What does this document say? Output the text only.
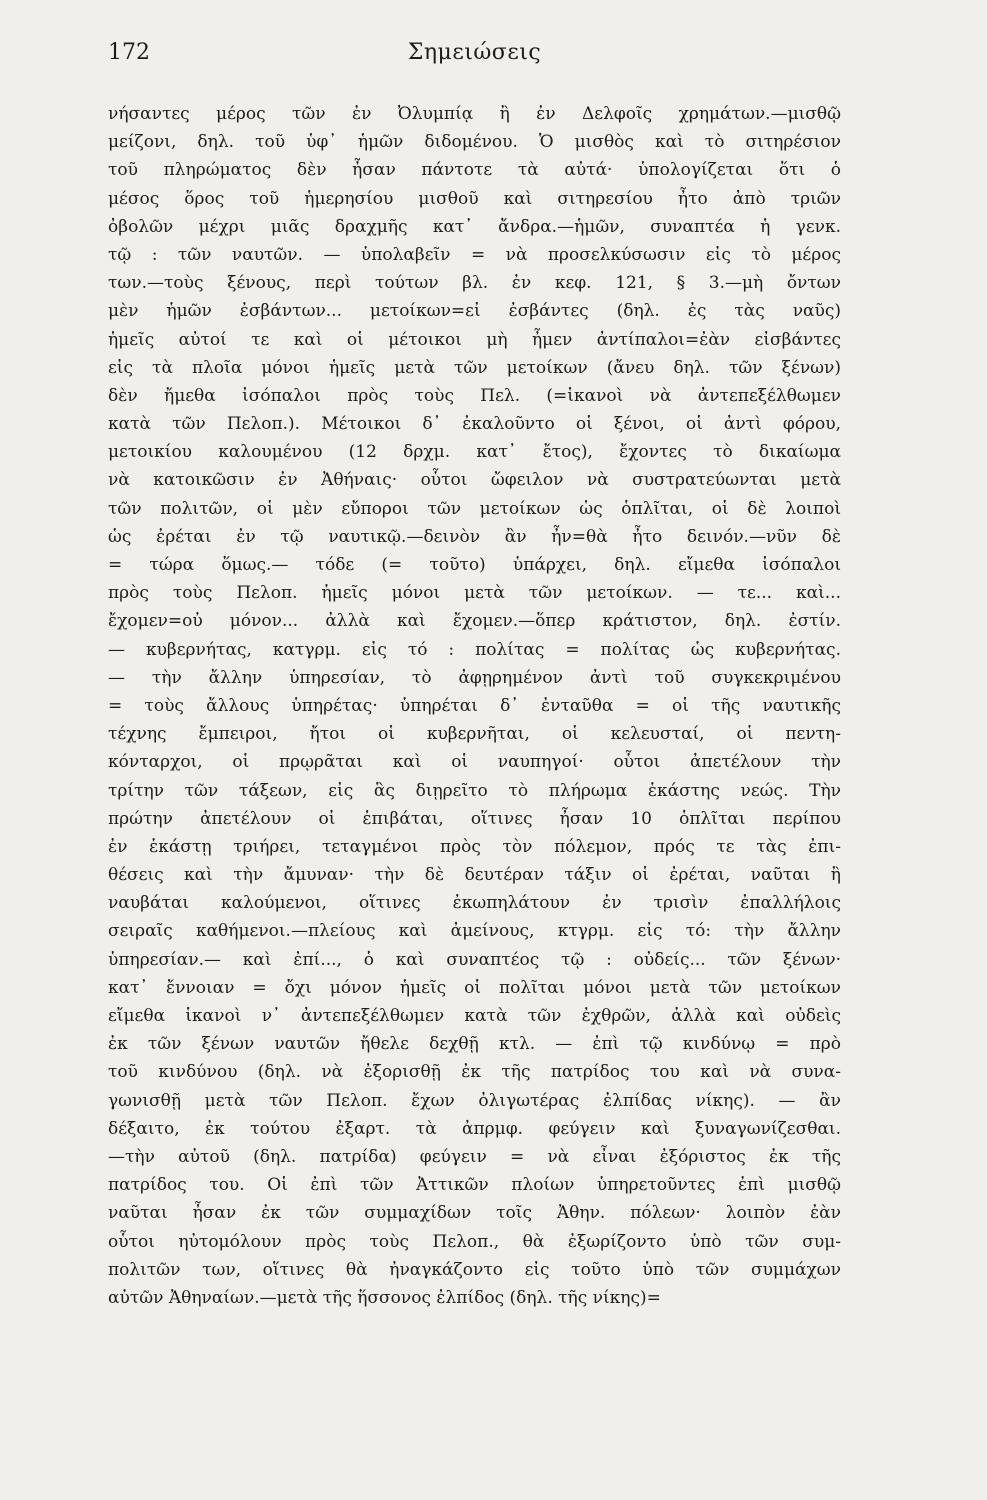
172	Σημειώσεις
νήσαντες μέρος τῶν ἐν Ὀλυμπίᾳ ἢ ἐν Δελφοῖς χρημάτων.—μισθῷ
μείζονι, δηλ. τοῦ ὑφ᾽ ἡμῶν διδομένου. Ὁ μισθὸς καὶ τὸ σιτηρέσιον
τοῦ πληρώματος δὲν ἦσαν πάντοτε τὰ αὐτά· ὑπολογίζεται ὅτι ὁ
μέσος ὅρος τοῦ ἡμερησίου μισθοῦ καὶ σιτηρεσίου ἦτο ἀπὸ τριῶν
ὀβολῶν μέχρι μιᾶς δραχμῆς κατ᾽ ἄνδρα.—ἡμῶν, συναπτέα ἡ γενκ.
τῷ : τῶν ναυτῶν. — ὑπολαβεῖν = νὰ προσελκύσωσιν εἰς τὸ μέρος
των.—τοὺς ξένους, περὶ τούτων βλ. ἐν κεφ. 121, § 3.—μὴ ὄντων
μὲν ἡμῶν ἐσβάντων... μετοίκων=εἰ ἐσβάντες (δηλ. ἐς τὰς ναῦς)
ἡμεῖς αὐτοί τε καὶ οἱ μέτοικοι μὴ ἦμεν ἀντίπαλοι=ἐὰν εἰσβάντες
εἰς τὰ πλοῖα μόνοι ἡμεῖς μετὰ τῶν μετοίκων (ἄνευ δηλ. τῶν ξένων)
δὲν ἤμεθα ἰσόπαλοι πρὸς τοὺς Πελ. (=ἱκανοὶ νὰ ἀντεπεξέλθωμεν
κατὰ τῶν Πελοπ.). Μέτοικοι δ᾽ ἐκαλοῦντο οἱ ξένοι, οἱ ἀντὶ φόρου,
μετοικίου καλουμένου (12 δρχμ. κατ᾽ ἔτος), ἔχοντες τὸ δικαίωμα
νὰ κατοικῶσιν ἐν Ἀθήναις· οὗτοι ὤφειλον νὰ συστρατεύωνται μετὰ
τῶν πολιτῶν, οἱ μὲν εὔποροι τῶν μετοίκων ὡς ὁπλῖται, οἱ δὲ λοιποὶ
ὡς ἐρέται ἐν τῷ ναυτικῷ.—δεινὸν ἂν ἦν=θὰ ἦτο δεινόν.—νῦν δὲ
= τώρα ὅμως.— τόδε (= τοῦτο) ὑπάρχει, δηλ. εἴμεθα ἰσόπαλοι
πρὸς τοὺς Πελοπ. ἡμεῖς μόνοι μετὰ τῶν μετοίκων. — τε... καὶ...
ἔχομεν=οὐ μόνον... ἀλλὰ καὶ ἔχομεν.—ὅπερ κράτιστον, δηλ. ἐστίν.
— κυβερνήτας, κατγρμ. εἰς τό : πολίτας = πολίτας ὡς κυβερνήτας.
— τὴν ἄλλην ὑπηρεσίαν, τὸ ἀφῃρημένον ἀντὶ τοῦ συγκεκριμένου
= τοὺς ἄλλους ὑπηρέτας· ὑπηρέται δ᾽ ἐνταῦθα = οἱ τῆς ναυτικῆς
τέχνης ἔμπειροι, ἤτοι οἱ κυβερνῆται, οἱ κελευσταί, οἱ πεντη-
κόνταρχοι, οἱ πρῳρᾶται καὶ οἱ ναυπηγοί· οὗτοι ἀπετέλουν τὴν
τρίτην τῶν τάξεων, εἰς ἃς διῃρεῖτο τὸ πλήρωμα ἑκάστης νεώς. Τὴν
πρώτην ἀπετέλουν οἱ ἐπιβάται, οἵτινες ἦσαν 10 ὁπλῖται περίπου
ἐν ἑκάστῃ τριήρει, τεταγμένοι πρὸς τὸν πόλεμον, πρός τε τὰς ἐπι-
θέσεις καὶ τὴν ἄμυναν· τὴν δὲ δευτέραν τάξιν οἱ ἐρέται, ναῦται ἢ
ναυβάται καλούμενοι, οἵτινες ἐκωπηλάτουν ἐν τρισὶν ἐπαλλήλοις
σειραῖς καθήμενοι.—πλείους καὶ ἀμείνους, κτγρμ. εἰς τό: τὴν ἄλλην
ὑπηρεσίαν.— καὶ ἐπί..., ὁ καὶ συναπτέος τῷ : οὐδείς... τῶν ξένων·
κατ᾽ ἔννοιαν = ὄχι μόνον ἡμεῖς οἱ πολῖται μόνοι μετὰ τῶν μετοίκων
εἴμεθα ἱκανοὶ ν᾽ ἀντεπεξέλθωμεν κατὰ τῶν ἐχθρῶν, ἀλλὰ καὶ οὐδεὶς
ἐκ τῶν ξένων ναυτῶν ἤθελε δεχθῇ κτλ. — ἐπὶ τῷ κινδύνῳ = πρὸ
τοῦ κινδύνου (δηλ. νὰ ἐξορισθῇ ἐκ τῆς πατρίδος του καὶ νὰ συνα-
γωνισθῇ μετὰ τῶν Πελοπ. ἔχων ὀλιγωτέρας ἐλπίδας νίκης). — ἂν
δέξαιτο, ἐκ τούτου ἐξαρτ. τὰ ἀπρμφ. φεύγειν καὶ ξυναγωνίζεσθαι.
—τὴν αὐτοῦ (δηλ. πατρίδα) φεύγειν = νὰ εἶναι ἐξόριστος ἐκ τῆς
πατρίδος του. Οἱ ἐπὶ τῶν Ἀττικῶν πλοίων ὑπηρετοῦντες ἐπὶ μισθῷ
ναῦται ἦσαν ἐκ τῶν συμμαχίδων τοῖς Ἀθην. πόλεων· λοιπὸν ἐὰν
οὗτοι ηὐτομόλουν πρὸς τοὺς Πελοπ., θὰ ἐξωρίζοντο ὑπὸ τῶν συμ-
πολιτῶν των, οἵτινες θὰ ἠναγκάζοντο εἰς τοῦτο ὑπὸ τῶν συμμάχων
αὐτῶν Ἀθηναίων.—μετὰ τῆς ἥσσονος ἐλπίδος (δηλ. τῆς νίκης)=
